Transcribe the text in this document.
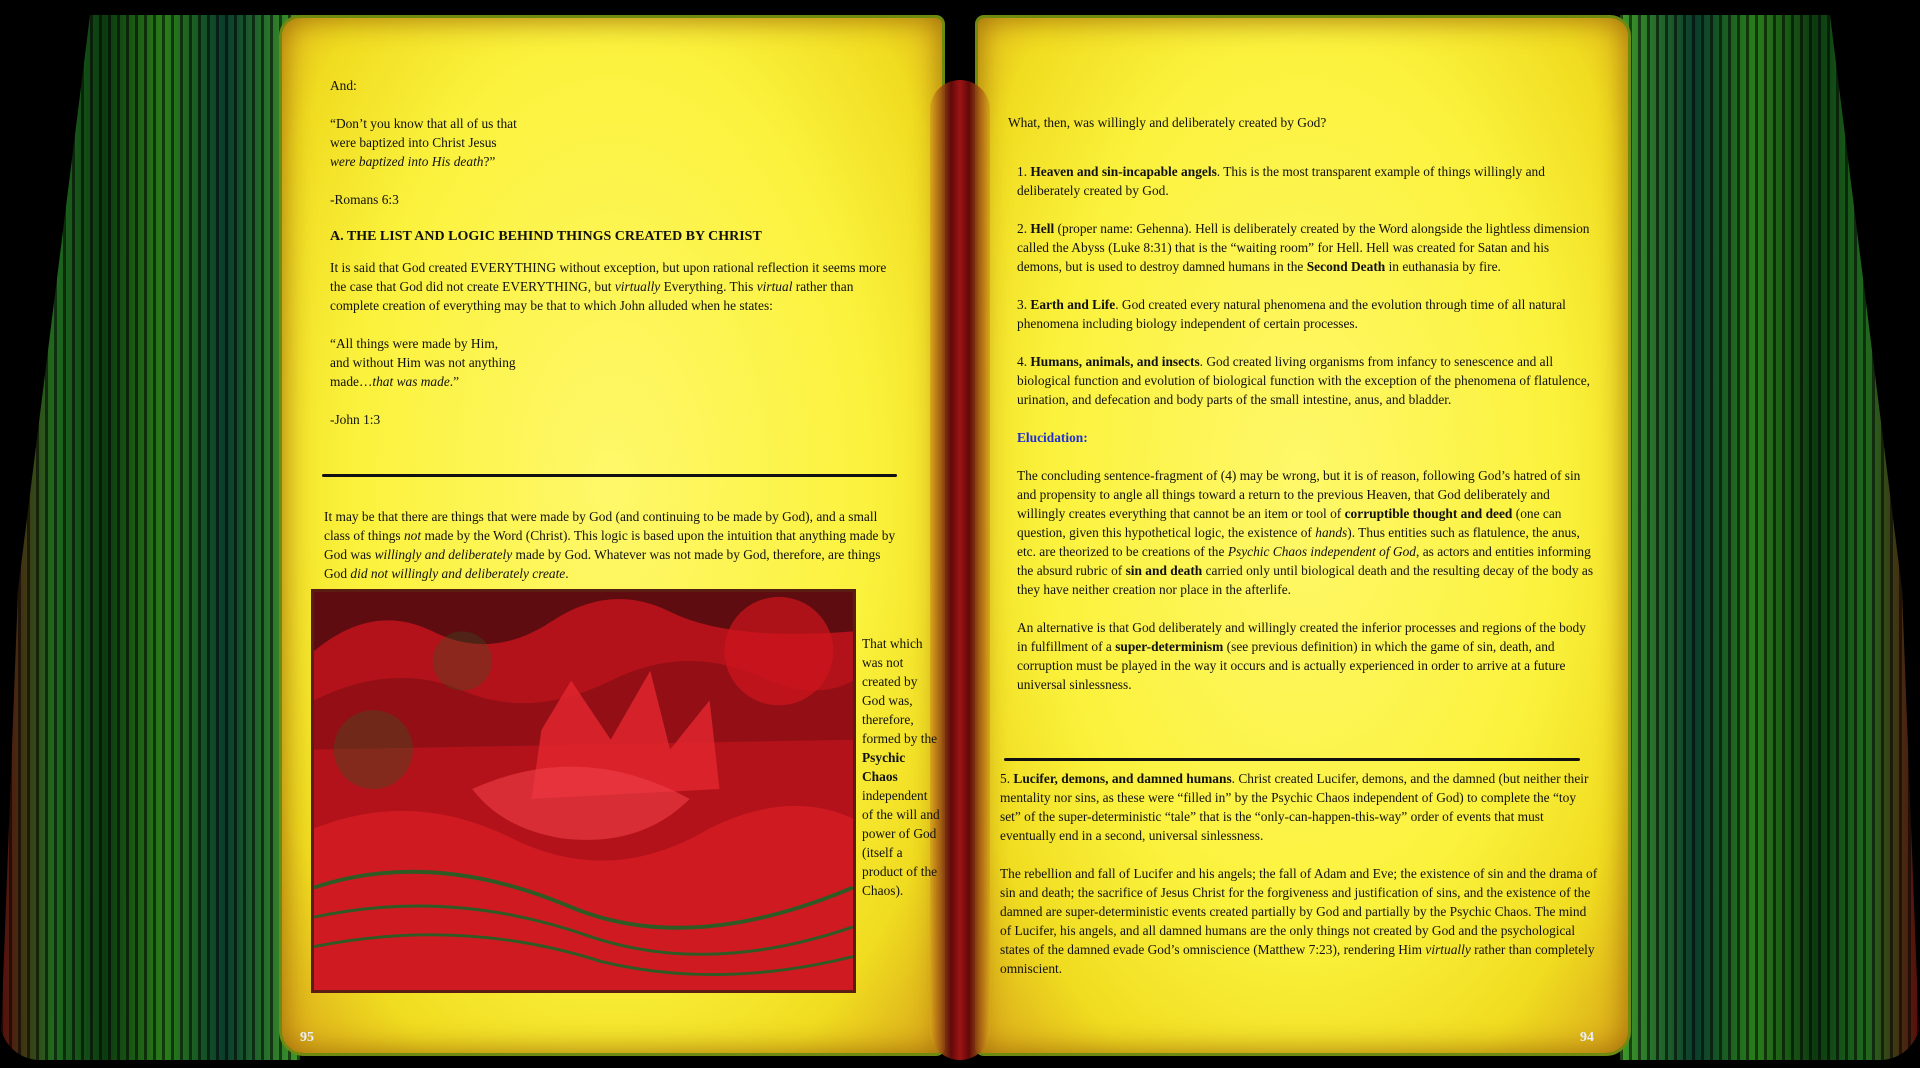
And:

“Don’t you know that all of us that

were baptized into Christ Jesus

were baptized into His death?”

-Romans 6:3

A. THE LIST AND LOGIC BEHIND THINGS CREATED BY CHRIST

It is said that God created EVERYTHING without exception, but upon rational reflection it seems more the case that God did not create EVERYTHING, but virtually Everything. This virtual rather than complete creation of everything may be that to which John alluded when he states:

“All things were made by Him,

and without Him was not anything

made…that was made.”

-John 1:3

It may be that there are things that were made by God (and continuing to be made by God), and a small class of things not made by the Word (Christ). This logic is based upon the intuition that anything made by God was willingly and deliberately made by God. Whatever was not made by God, therefore, are things God did not willingly and deliberately create.

That which was not created by God was, therefore, formed by the Psychic Chaos independent of the will and power of God (itself a product of the Chaos).

95

What, then, was willingly and deliberately created by God?

1. Heaven and sin-incapable angels. This is the most transparent example of things willingly and deliberately created by God.

2. Hell (proper name: Gehenna). Hell is deliberately created by the Word alongside the lightless dimension called the Abyss (Luke 8:31) that is the “waiting room” for Hell. Hell was created for Satan and his demons, but is used to destroy damned humans in the Second Death in euthanasia by fire.

3. Earth and Life. God created every natural phenomena and the evolution through time of all natural phenomena including biology independent of certain processes.

4. Humans, animals, and insects. God created living organisms from infancy to senescence and all biological function and evolution of biological function with the exception of the phenomena of flatulence, urination, and defecation and body parts of the small intestine, anus, and bladder.

Elucidation:

The concluding sentence-fragment of (4) may be wrong, but it is of reason, following God’s hatred of sin and propensity to angle all things toward a return to the previous Heaven, that God deliberately and willingly creates everything that cannot be an item or tool of corruptible thought and deed (one can question, given this hypothetical logic, the existence of hands). Thus entities such as flatulence, the anus, etc. are theorized to be creations of the Psychic Chaos independent of God, as actors and entities informing the absurd rubric of sin and death carried only until biological death and the resulting decay of the body as they have neither creation nor place in the afterlife.

An alternative is that God deliberately and willingly created the inferior processes and regions of the body in fulfillment of a super-determinism (see previous definition) in which the game of sin, death, and corruption must be played in the way it occurs and is actually experienced in order to arrive at a future universal sinlessness.

5. Lucifer, demons, and damned humans. Christ created Lucifer, demons, and the damned (but neither their mentality nor sins, as these were “filled in” by the Psychic Chaos independent of God) to complete the “toy set” of the super-deterministic “tale” that is the “only-can-happen-this-way” order of events that must eventually end in a second, universal sinlessness.

The rebellion and fall of Lucifer and his angels; the fall of Adam and Eve; the existence of sin and the drama of sin and death; the sacrifice of Jesus Christ for the forgiveness and justification of sins, and the existence of the damned are super-deterministic events created partially by God and partially by the Psychic Chaos. The mind of Lucifer, his angels, and all damned humans are the only things not created by God and the psychological states of the damned evade God’s omniscience (Matthew 7:23), rendering Him virtually rather than completely omniscient.

94
